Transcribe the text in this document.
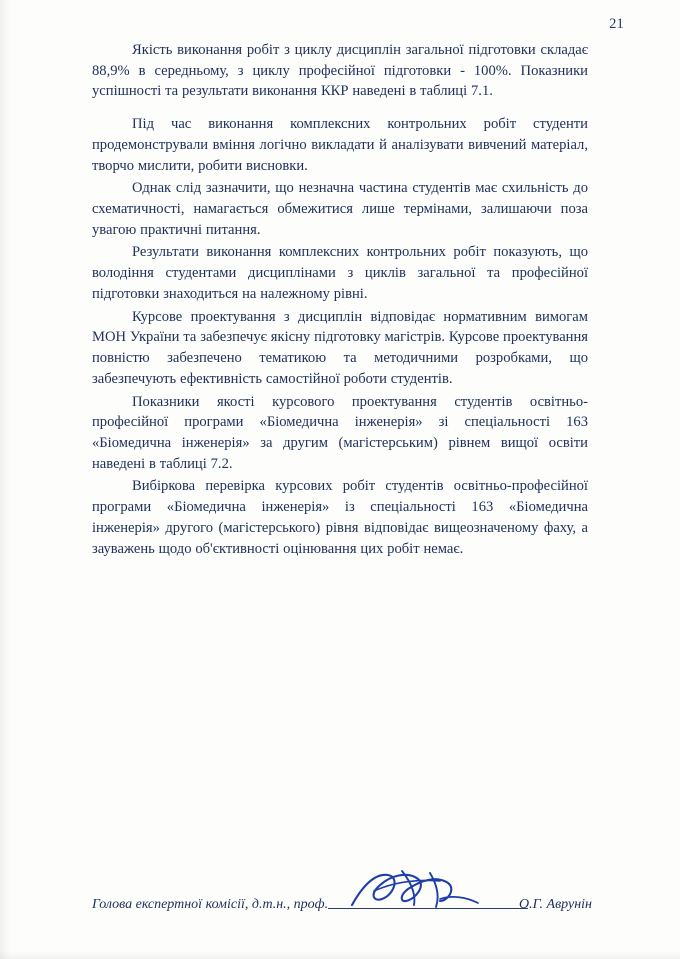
21

Якість виконання робіт з циклу дисциплін загальної підготовки складає 88,9% в середньому, з циклу професійної підготовки - 100%. Показники успішності та результати виконання ККР наведені в таблиці 7.1.

Під час виконання комплексних контрольних робіт студенти продемонстрували вміння логічно викладати й аналізувати вивчений матеріал, творчо мислити, робити висновки.

Однак слід зазначити, що незначна частина студентів має схильність до схематичності, намагається обмежитися лише термінами, залишаючи поза увагою практичні питання.

Результати виконання комплексних контрольних робіт показують, що володіння студентами дисциплінами з циклів загальної та професійної підготовки знаходиться на належному рівні.

Курсове проектування з дисциплін відповідає нормативним вимогам МОН України та забезпечує якісну підготовку магістрів. Курсове проектування повністю забезпечено тематикою та методичними розробками, що забезпечують ефективність самостійної роботи студентів.

Показники якості курсового проектування студентів освітньо-професійної програми «Біомедична інженерія» зі спеціальності 163 «Біомедична інженерія» за другим (магістерським) рівнем вищої освіти наведені в таблиці 7.2.

Вибіркова перевірка курсових робіт студентів освітньо-професійної програми «Біомедична інженерія» із спеціальності 163 «Біомедична інженерія» другого (магістерського) рівня відповідає вищеозначеному фаху, а зауважень щодо об'єктивності оцінювання цих робіт немає.

Голова експертної комісії, д.т.н., проф.	О.Г. Аврунін
